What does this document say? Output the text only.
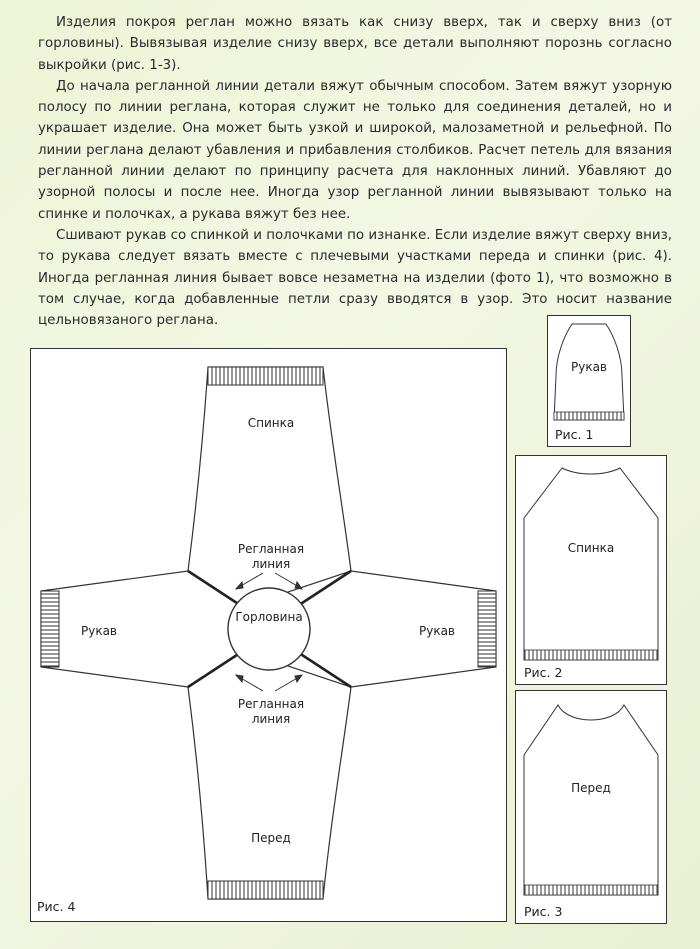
Изделия покроя реглан можно вязать как снизу вверх, так и сверху вниз (от горловины). Вывязывая изделие снизу вверх, все детали выполняют порознь согласно выкройки (рис. 1-3).

До начала регланной линии детали вяжут обычным способом. Затем вяжут узорную полосу по линии реглана, которая служит не только для соединения деталей, но и украшает изделие. Она может быть узкой и широкой, малозаметной и рельефной. По линии реглана делают убавления и прибавления столбиков. Расчет петель для вязания регланной линии делают по принципу расчета для наклонных линий. Убавляют до узорной полосы и после нее. Иногда узор регланной линии вывязывают только на спинке и полочках, а рукава вяжут без нее.

Сшивают рукав со спинкой и полочками по изнанке. Если изделие вяжут сверху вниз, то рукава следует вязать вместе с плечевыми участками переда и спинки (рис. 4). Иногда регланная линия бывает вовсе незаметна на изделии (фото 1), что возможно в том случае, когда добавленные петли сразу вводятся в узор. Это носит название цельновязаного реглана.

Спинка
Перед
Рукав	Рукав
Горловина
Регланная
линия
Регланная
линия
Рис. 4
Рукав
Рис. 1
Спинка
Рис. 2
Перед
Рис. 3
